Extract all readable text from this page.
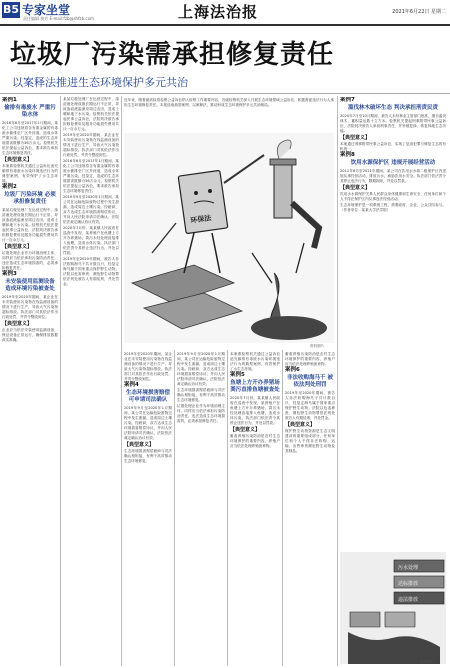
B5 专家坐堂
责任编辑 龚芳 E-mail:fzb@shfzb.com	上海法治报	2021年6月22日 星期二
垃圾厂污染需承担修复责任
以案释法推进生态环境保护多元共治
案例1
偷排有毒废水 严重污染水体

2016年6月至2017年1月期间，某化工公司违规将含有重金属的有毒废水偷排至厂区外河道，造成水体严重污染。经鉴定，造成的生态环境损害数额为36万余元。检察机关依法提起公益诉讼，要求被告承担生态环境修复责任。

【典型意义】

本案系检察机关通过公益诉讼追究偷排有毒废水污染环境违法行为的典型案例，有效保护了水生态环境。

案例2
垃圾厂污染环境 必须承担修复责任

某某垃圾处理厂在运营过程中，渗滤液处理设施长期运行不正常，导致渗滤液溢流至周边农田，造成土壤和地下水污染。检察机关依法提起民事公益诉讼，法院判决被告承担修复费用及服务功能损失费用共计一百余万元。

【典型意义】

垃圾处理企业作为环境治理主体，同样应当依法承担污染防治责任，违法造成生态环境损害的，必须承担修复责任。

案例3
未安装使用监测设备 造成环境污染被查处

2019年至2020年期间，某企业在未安装使用污染物在线监测设备的情况下进行生产，导致大气污染物超标排放。执法部门对其依法作出行政处罚，并责令整改到位。

【典型意义】

企业应当依法安装使用监测设备，保证设备正常运行，确保排放数据真实准确。

某某垃圾处理厂在运营过程中，渗滤液处理设施长期运行不正常，导致渗滤液溢流至周边农田，造成土壤和地下水污染。检察机关依法提起民事公益诉讼，法院判决被告承担修复费用及服务功能损失费用共计一百余万元。

2019年至2020年期间，某企业在未安装使用污染物在线监测设备的情况下进行生产，导致大气污染物超标排放。执法部门对其依法作出行政处罚，并责令整改到位。

2016年6月至2017年1月期间，某化工公司违规将含有重金属的有毒废水偷排至厂区外河道，造成水体严重污染。经鉴定，造成的生态环境损害数额为36万余元。检察机关依法提起公益诉讼，要求被告承担生态环境修复责任。

2019年9月至2020年1月期间，某公司在运输危险废物过程中发生泄漏，造成周边土壤污染。经磋商，双方达成生态环境损害赔偿协议，并向人民法院申请司法确认，法院依法裁定确认协议有效。

2020年7月份，某某镇人民政府在巡查中发现，某养殖户在鱼塘上方开办养猪场，粪污未经处理直接排入鱼塘，造成水体污染。执法部门依法责令其停止违法行为，并处以罚款。

2019年至2020年期间，被告人非法收购海马干共计数百只，经鉴定海马属于国家重点保护野生动物。法院以危害珍贵、濒危野生动物罪依法判处被告人有期徒刑，并处罚金。

近年来，随着最高检将检察公益诉讼纳入检察工作重要内容，各级检察机关深入开展生态环境领域公益诉讼，积极督促违法行为人承担生态环境修复责任。本报选取典型案例，以案释法，推动形成生态环境保护多元共治格局。
环保法
资料图片

2019年至2020年期间，某企业在未安装使用污染物在线监测设备的情况下进行生产，导致大气污染物超标排放。执法部门对其依法作出行政处罚，并责令整改到位。

案例4
生态环境损害赔偿 可申请司法确认

2019年9月至2020年1月期间，某公司在运输危险废物过程中发生泄漏，造成周边土壤污染。经磋商，双方达成生态环境损害赔偿协议，并向人民法院申请司法确认，法院依法裁定确认协议有效。

【典型意义】

生态环境损害赔偿磋商与司法确认相衔接，有利于高效推动生态环境修复。

2019年9月至2020年1月期间，某公司在运输危险废物过程中发生泄漏，造成周边土壤污染。经磋商，双方达成生态环境损害赔偿协议，并向人民法院申请司法确认，法院依法裁定确认协议有效。

生态环境损害赔偿磋商与司法确认相衔接，有利于高效推动生态环境修复。

垃圾处理企业作为环境治理主体，同样应当依法承担污染防治责任，违法造成生态环境损害的，必须承担修复责任。

本案系检察机关通过公益诉讼追究偷排有毒废水污染环境违法行为的典型案例，有效保护了水生态环境。

案例5
鱼塘上方开办养猪场 粪污直排鱼塘被查处

2020年7月份，某某镇人民政府在巡查中发现，某养殖户在鱼塘上方开办养猪场，粪污未经处理直接排入鱼塘，造成水体污染。执法部门依法责令其停止违法行为，并处以罚款。

【典型意义】

畜禽养殖污染防治是农村生态环境保护的重要内容，养殖户应当依法处理养殖废弃物。

畜禽养殖污染防治是农村生态环境保护的重要内容，养殖户应当依法处理养殖废弃物。

案例6
非法收购海马干 被依法判处刑罚

2019年至2020年期间，被告人非法收购海马干共计数百只，经鉴定海马属于国家重点保护野生动物。法院以危害珍贵、濒危野生动物罪依法判处被告人有期徒刑，并处罚金。

【典型意义】

保护野生动物资源是生态文明建设的重要组成部分，任何单位和个人不得非法收购、运输、出售珍贵濒危野生动物及其制品。

案例7
滥伐林木破坏生态 判决承担刑责民责

2020年7月至10月期间，被告人未经林业主管部门批准，擅自滥伐林木，蓄积量达数十立方米。检察机关提起刑事附带民事公益诉讼，法院判决被告人承担刑事责任，并补植复绿、恢复林地生态功能。

【典型意义】

本案通过刑事附带民事公益诉讼，实现了惩治犯罪与修复生态的有机统一。

案例8
饮用水源保护区 违规开展经营活动

2011年6月至2021年期间，某公司在饮用水水源二级保护区内违规从事经营活动，排放污水，威胁饮用水安全。执法部门依法责令其停止违法行为，限期拆除，并处以罚款。

【典型意义】

饮用水水源保护关系人民群众身体健康和生命安全，任何单位和个人不得在保护区内从事违法经营活动。

生态环境保护是一项系统工程，需要政府、企业、公众共同参与。（作者单位：某某大学法学院）

污水处理
达标排放
违法排放
资料图片
